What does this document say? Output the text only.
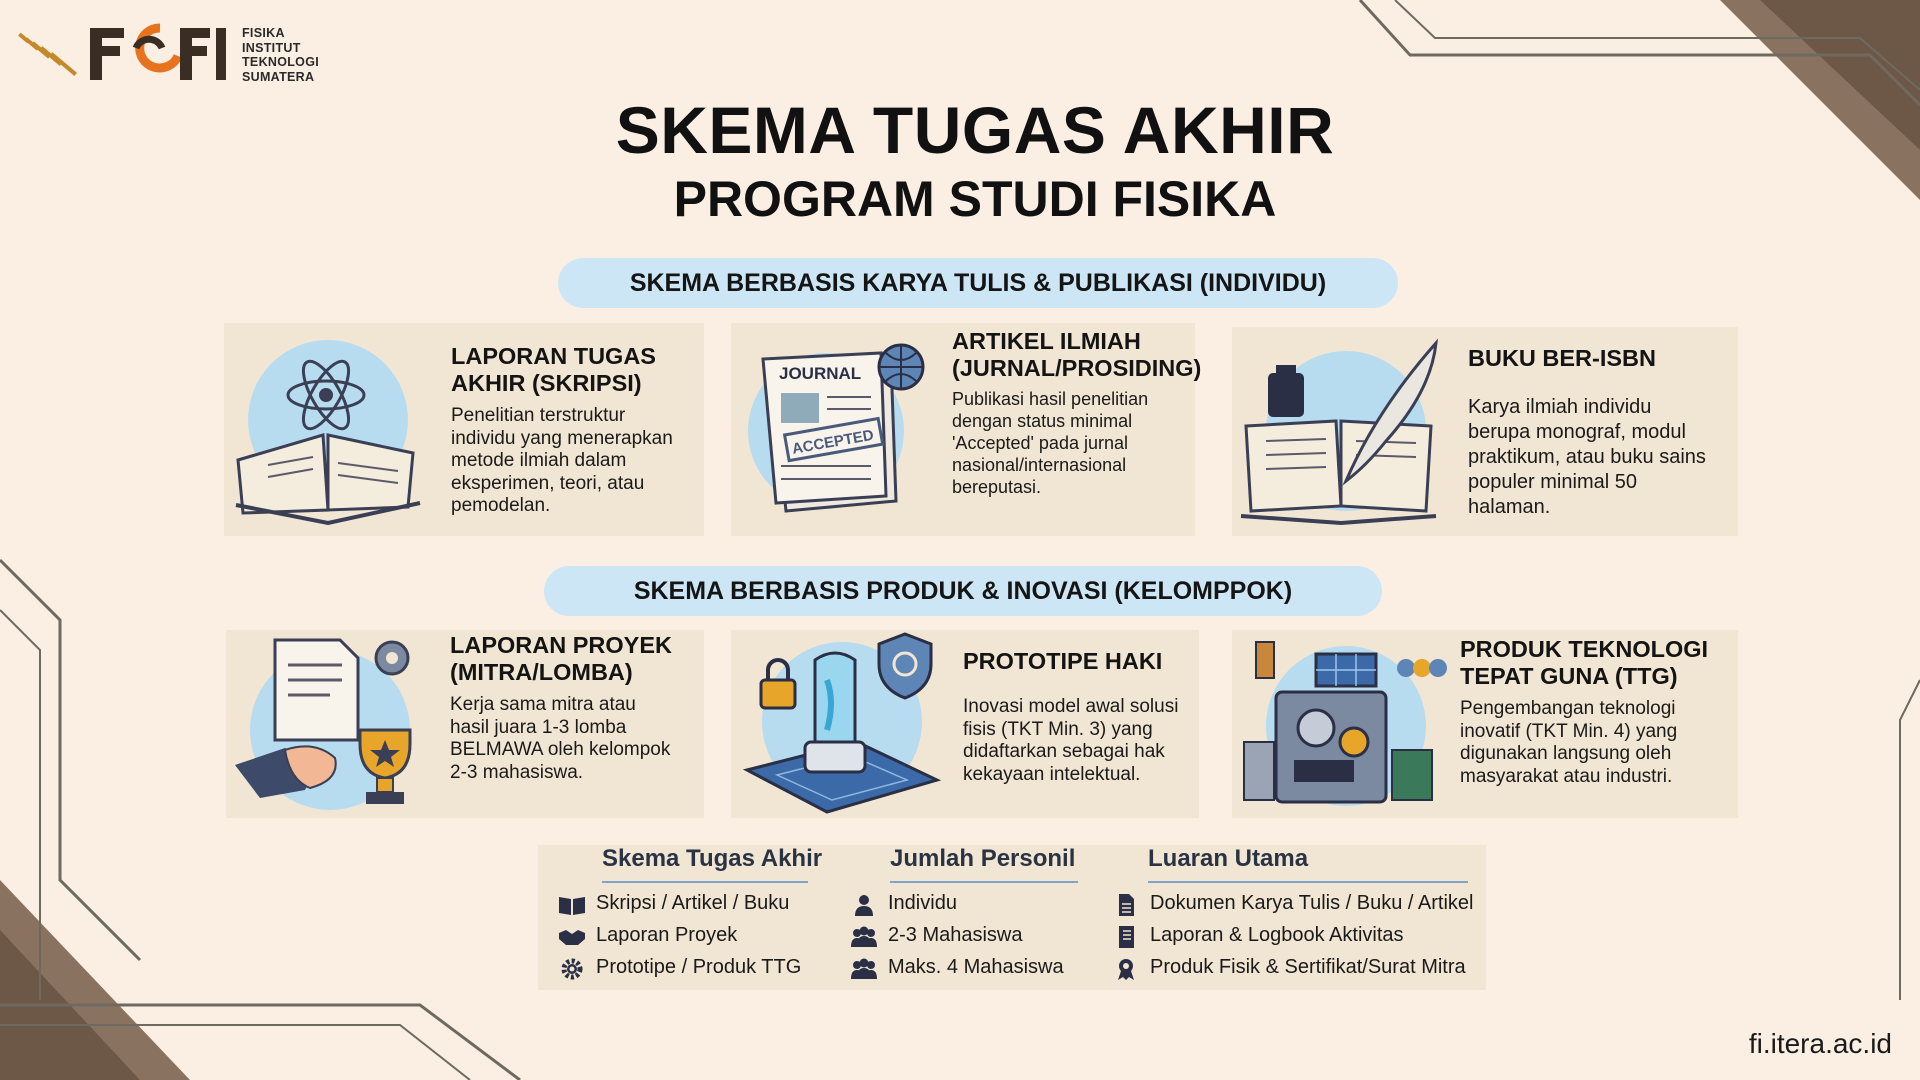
FISIKA
INSTITUT
TEKNOLOGI
SUMATERA
SKEMA TUGAS AKHIR
PROGRAM STUDI FISIKA
SKEMA BERBASIS KARYA TULIS & PUBLIKASI (INDIVIDU)
LAPORAN TUGAS
AKHIR (SKRIPSI)
Penelitian terstruktur
individu yang menerapkan
metode ilmiah dalam
eksperimen, teori, atau
pemodelan.
JOURNAL
ACCEPTED
ARTIKEL ILMIAH
(JURNAL/PROSIDING)
Publikasi hasil penelitian
dengan status minimal
'Accepted' pada jurnal
nasional/internasional
bereputasi.
BUKU BER-ISBN
Karya ilmiah individu
berupa monograf, modul
praktikum, atau buku sains
populer minimal 50
halaman.
SKEMA BERBASIS PRODUK & INOVASI (KELOMPPOK)
LAPORAN PROYEK
(MITRA/LOMBA)
Kerja sama mitra atau
hasil juara 1-3 lomba
BELMAWA oleh kelompok
2-3 mahasiswa.
PROTOTIPE HAKI
Inovasi model awal solusi
fisis (TKT Min. 3) yang
didaftarkan sebagai hak
kekayaan intelektual.
PRODUK TEKNOLOGI
TEPAT GUNA (TTG)
Pengembangan teknologi
inovatif (TKT Min. 4) yang
digunakan langsung oleh
masyarakat atau industri.
Skema Tugas Akhir
Skripsi / Artikel / Buku
Laporan Proyek
Prototipe / Produk TTG
Jumlah Personil
Individu
2-3 Mahasiswa
Maks. 4 Mahasiswa
Luaran Utama
Dokumen Karya Tulis / Buku / Artikel
Laporan & Logbook Aktivitas
Produk Fisik & Sertifikat/Surat Mitra
fi.itera.ac.id
